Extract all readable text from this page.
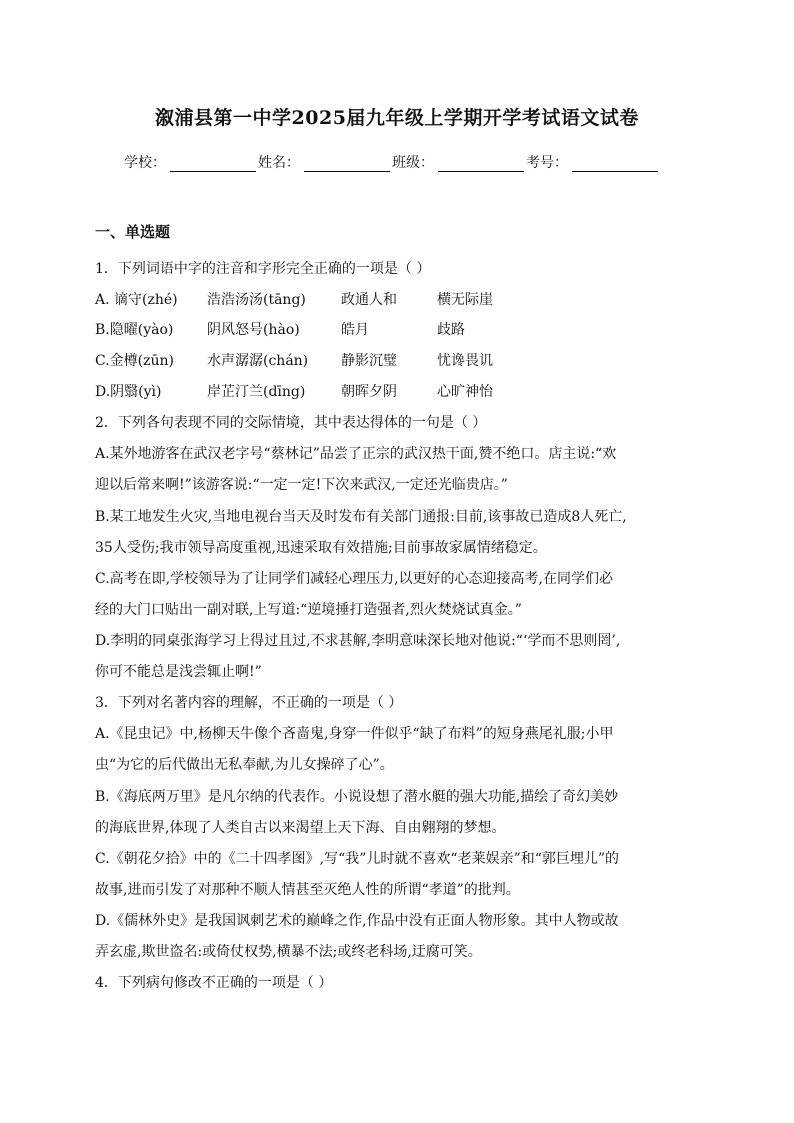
溆浦县第一中学2025届九年级上学期开学考试语文试卷
学校：	姓名：	班级：	考号：
一、单选题
1．下列词语中字的注音和字形完全正确的一项是（ ）
A. 谪守(zhé) 浩浩汤汤(tāng)	政通人和	横无际崖
B.隐曜(yào) 阴风怒号(hào)	皓月	歧路
C.金樽(zūn) 水声潺潺(chán) 静影沉璧	忧谗畏讥
D.阴翳(yì)	岸芷汀兰(dīng)	朝晖夕阴	心旷神怡
2．下列各句表现不同的交际情境，其中表达得体的一句是（ ）
A.某外地游客在武汉老字号“蔡林记”品尝了正宗的武汉热干面,赞不绝口。店主说:“欢
迎以后常来啊!”该游客说:“一定一定!下次来武汉,一定还光临贵店。”
B.某工地发生火灾,当地电视台当天及时发布有关部门通报:目前,该事故已造成8人死亡,
35人受伤;我市领导高度重视,迅速采取有效措施;目前事故家属情绪稳定。
C.高考在即,学校领导为了让同学们减轻心理压力,以更好的心态迎接高考,在同学们必
经的大门口贴出一副对联,上写道:“逆境捶打造强者,烈火焚烧试真金。”
D.李明的同桌张海学习上得过且过,不求甚解,李明意味深长地对他说:“‘学而不思则罔’,
你可不能总是浅尝辄止啊!”
3．下列对名著内容的理解，不正确的一项是（ ）
A.《昆虫记》中,杨柳天牛像个吝啬鬼,身穿一件似乎“缺了布料”的短身燕尾礼服;小甲
虫“为它的后代做出无私奉献,为儿女操碎了心”。
B.《海底两万里》是凡尔纳的代表作。小说设想了潜水艇的强大功能,描绘了奇幻美妙
的海底世界,体现了人类自古以来渴望上天下海、自由翱翔的梦想。
C.《朝花夕拾》中的《二十四孝图》,写“我”儿时就不喜欢“老莱娱亲”和“郭巨埋儿”的
故事,进而引发了对那种不顺人情甚至灭绝人性的所谓“孝道”的批判。
D.《儒林外史》是我国讽刺艺术的巅峰之作,作品中没有正面人物形象。其中人物或故
弄玄虚,欺世盗名:或倚仗权势,横暴不法;或终老科场,迂腐可笑。
4．下列病句修改不正确的一项是（ ）
